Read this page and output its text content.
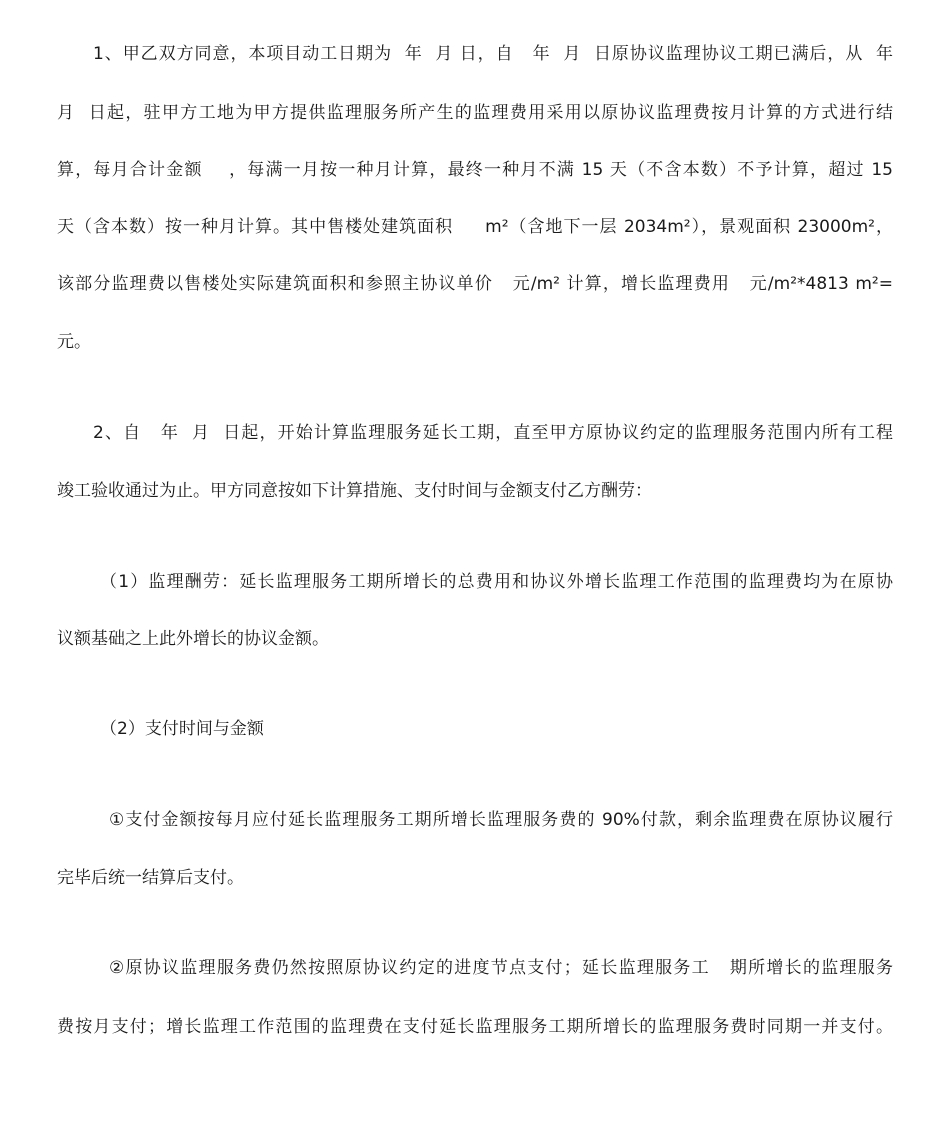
1、甲乙双方同意，本项目动工日期为  年  月 日，自   年  月  日原协议监理协议工期已满后，从  年
月  日起，驻甲方工地为甲方提供监理服务所产生的监理费用采用以原协议监理费按月计算的方式进行结
算，每月合计金额    ，每满一月按一种月计算，最终一种月不满 15 天（不含本数）不予计算，超过 15
天（含本数）按一种月计算。其中售楼处建筑面积     m²（含地下一层 2034m²），景观面积 23000m²，
该部分监理费以售楼处实际建筑面积和参照主协议单价   元/m² 计算，增长监理费用   元/m²*4813 m²=
元。
2、自   年  月  日起，开始计算监理服务延长工期，直至甲方原协议约定的监理服务范围内所有工程
竣工验收通过为止。甲方同意按如下计算措施、支付时间与金额支付乙方酬劳：
（1）监理酬劳：延长监理服务工期所增长的总费用和协议外增长监理工作范围的监理费均为在原协
议额基础之上此外增长的协议金额。
（2）支付时间与金额
①支付金额按每月应付延长监理服务工期所增长监理服务费的 90%付款，剩余监理费在原协议履行
完毕后统一结算后支付。
②原协议监理服务费仍然按照原协议约定的进度节点支付；延长监理服务工   期所增长的监理服务
费按月支付；增长监理工作范围的监理费在支付延长监理服务工期所增长的监理服务费时同期一并支付。
